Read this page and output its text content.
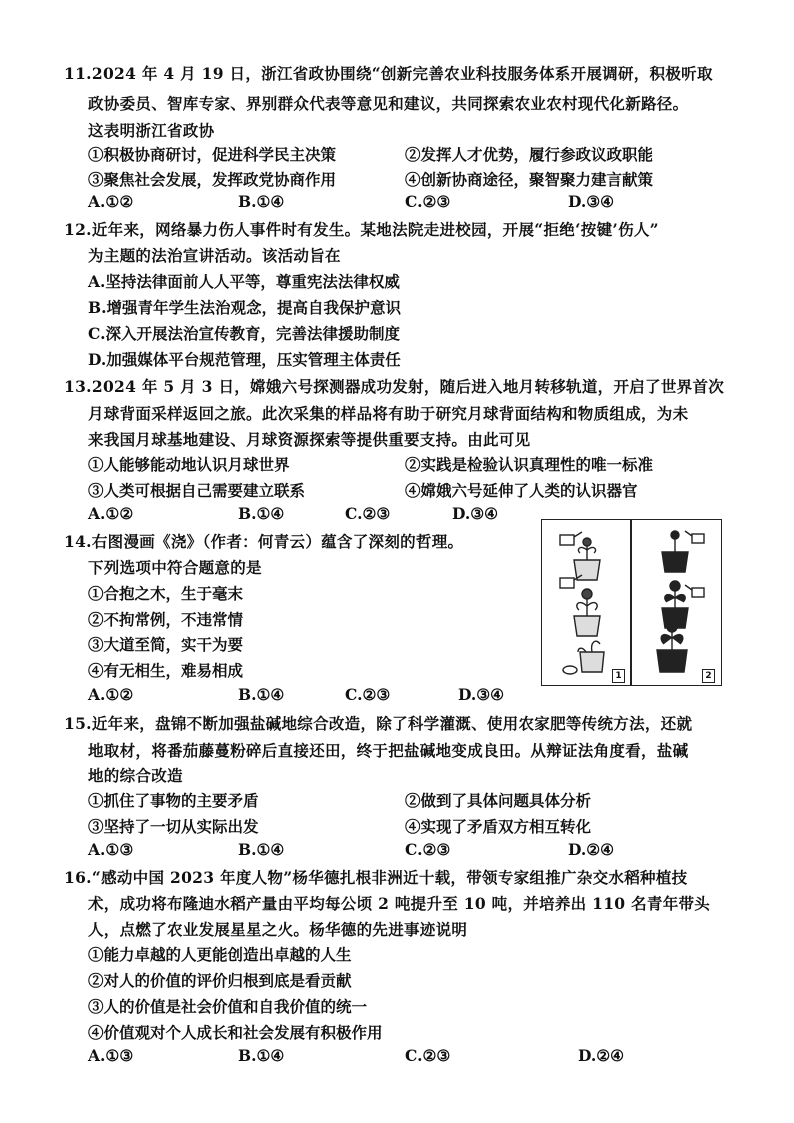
11.2024 年 4 月 19 日，浙江省政协围绕“创新完善农业科技服务体系开展调研，积极听取
政协委员、智库专家、界别群众代表等意见和建议，共同探索农业农村现代化新路径。
这表明浙江省政协
①积极协商研讨，促进科学民主决策	②发挥人才优势，履行参政议政职能
③聚焦社会发展，发挥政党协商作用	④创新协商途径，聚智聚力建言献策
A.①②	B.①④	C.②③	D.③④
12.近年来，网络暴力伤人事件时有发生。某地法院走进校园，开展“拒绝‘按键’伤人”
为主题的法治宣讲活动。该活动旨在
A.坚持法律面前人人平等，尊重宪法法律权威
B.增强青年学生法治观念，提高自我保护意识
C.深入开展法治宣传教育，完善法律援助制度
D.加强媒体平台规范管理，压实管理主体责任
13.2024 年 5 月 3 日，嫦娥六号探测器成功发射，随后进入地月转移轨道，开启了世界首次
月球背面采样返回之旅。此次采集的样品将有助于研究月球背面结构和物质组成，为未
来我国月球基地建设、月球资源探索等提供重要支持。由此可见
①人能够能动地认识月球世界	②实践是检验认识真理性的唯一标准
③人类可根据自己需要建立联系	④嫦娥六号延伸了人类的认识器官
A.①②	B.①④	C.②③	D.③④
14.右图漫画《浇》（作者：何青云）蕴含了深刻的哲理。
下列选项中符合题意的是
①合抱之木，生于毫末
②不拘常例，不违常情
③大道至简，实干为要
④有无相生，难易相成
A.①②	B.①④	C.②③	D.③④
1	2
15.近年来，盘锦不断加强盐碱地综合改造，除了科学灌溉、使用农家肥等传统方法，还就
地取材，将番茄藤蔓粉碎后直接还田，终于把盐碱地变成良田。从辩证法角度看，盐碱
地的综合改造
①抓住了事物的主要矛盾	②做到了具体问题具体分析
③坚持了一切从实际出发	④实现了矛盾双方相互转化
A.①③	B.①④	C.②③	D.②④
16.“感动中国 2023 年度人物”杨华德扎根非洲近十载，带领专家组推广杂交水稻种植技
术，成功将布隆迪水稻产量由平均每公顷 2 吨提升至 10 吨，并培养出 110 名青年带头
人，点燃了农业发展星星之火。杨华德的先进事迹说明
①能力卓越的人更能创造出卓越的人生
②对人的价值的评价归根到底是看贡献
③人的价值是社会价值和自我价值的统一
④价值观对个人成长和社会发展有积极作用
A.①③	B.①④	C.②③	D.②④
